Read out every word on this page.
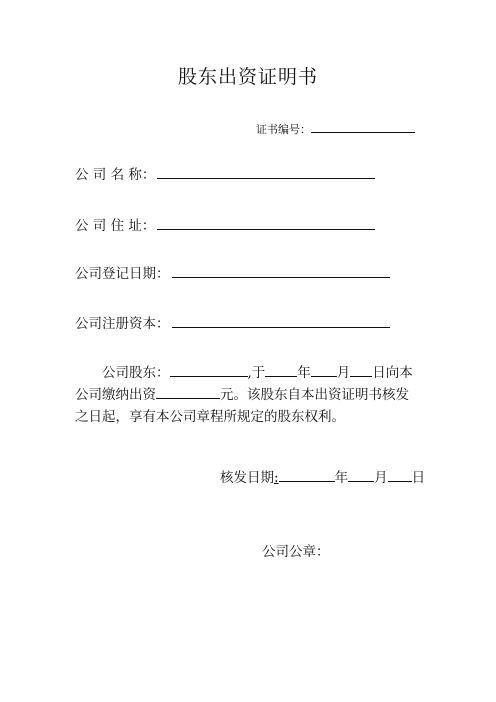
股东出资证明书
证书编号：
公 司 名 称：
公 司 住 址：
公司登记日期：
公司注册资本：
公司股东：	,于 年 月 日向本
公司缴纳出资	元。该股东自本出资证明书核发
之日起，享有本公司章程所规定的股东权利。
核发日期:	年 月 日
公司公章：
